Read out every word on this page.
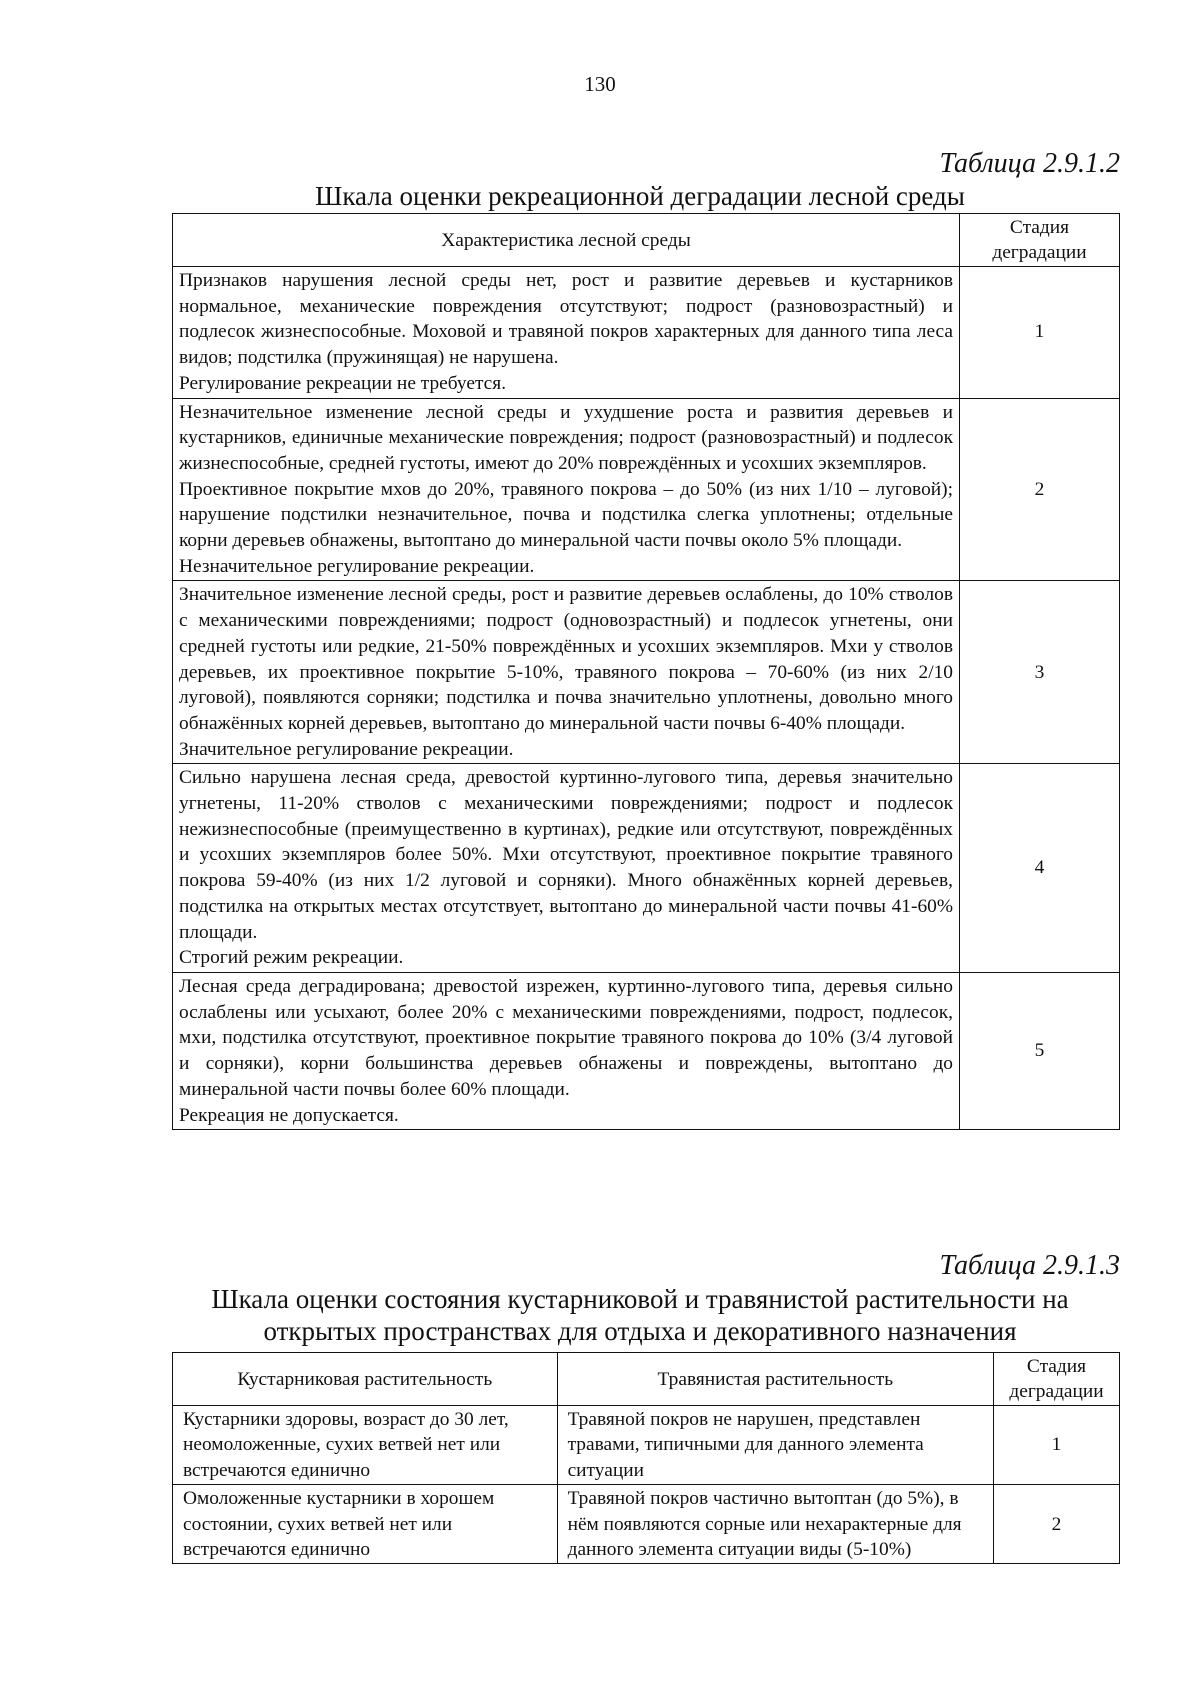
130
Таблица 2.9.1.2
Шкала оценки рекреационной деградации лесной среды
Характеристика лесной среды	Стадия деградации

Признаков нарушения лесной среды нет, рост и развитие деревьев и кустарников нормальное, механические повреждения отсутствуют; подрост (разновозрастный) и подлесок жизнеспособные. Моховой и травяной покров характерных для данного типа леса видов; подстилка (пружинящая) не нарушена.
Регулирование рекреации не требуется.	1

Незначительное изменение лесной среды и ухудшение роста и развития деревьев и кустарников, единичные механические повреждения; подрост (разновозрастный) и подлесок жизнеспособные, средней густоты, имеют до 20% повреждённых и усохших экземпляров.
Проективное покрытие мхов до 20%, травяного покрова – до 50% (из них 1/10 – луговой); нарушение подстилки незначительное, почва и подстилка слегка уплотнены; отдельные корни деревьев обнажены, вытоптано до минеральной части почвы около 5% площади.
Незначительное регулирование рекреации.	2

Значительное изменение лесной среды, рост и развитие деревьев ослаблены, до 10% стволов с механическими повреждениями; подрост (одновозрастный) и подлесок угнетены, они средней густоты или редкие, 21-50% повреждённых и усохших экземпляров. Мхи у стволов деревьев, их проективное покрытие 5-10%, травяного покрова – 70-60% (из них 2/10 луговой), появляются сорняки; подстилка и почва значительно уплотнены, довольно много обнажённых корней деревьев, вытоптано до минеральной части почвы 6-40% площади.
Значительное регулирование рекреации.	3

Сильно нарушена лесная среда, древостой куртинно-лугового типа, деревья значительно угнетены, 11-20% стволов с механическими повреждениями; подрост и подлесок нежизнеспособные (преимущественно в куртинах), редкие или отсутствуют, повреждённых и усохших экземпляров более 50%. Мхи отсутствуют, проективное покрытие травяного покрова 59-40% (из них 1/2 луговой и сорняки). Много обнажённых корней деревьев, подстилка на открытых местах отсутствует, вытоптано до минеральной части почвы 41-60% площади.
Строгий режим рекреации.	4

Лесная среда деградирована; древостой изрежен, куртинно-лугового типа, деревья сильно ослаблены или усыхают, более 20% с механическими повреждениями, подрост, подлесок, мхи, подстилка отсутствуют, проективное покрытие травяного покрова до 10% (3/4 луговой и сорняки), корни большинства деревьев обнажены и повреждены, вытоптано до минеральной части почвы более 60% площади.
Рекреация не допускается.	5
Таблица 2.9.1.3
Шкала оценки состояния кустарниковой и травянистой растительности на открытых пространствах для отдыха и декоративного назначения
Кустарниковая растительность	Травянистая растительность	Стадия деградации
Кустарники здоровы, возраст до 30 лет, неомоложенные, сухих ветвей нет или встречаются единично	Травяной покров не нарушен, представлен травами, типичными для данного элемента ситуации	1
Омоложенные кустарники в хорошем состоянии, сухих ветвей нет или встречаются единично	Травяной покров частично вытоптан (до 5%), в нём появляются сорные или нехарактерные для данного элемента ситуации виды (5-10%)	2
